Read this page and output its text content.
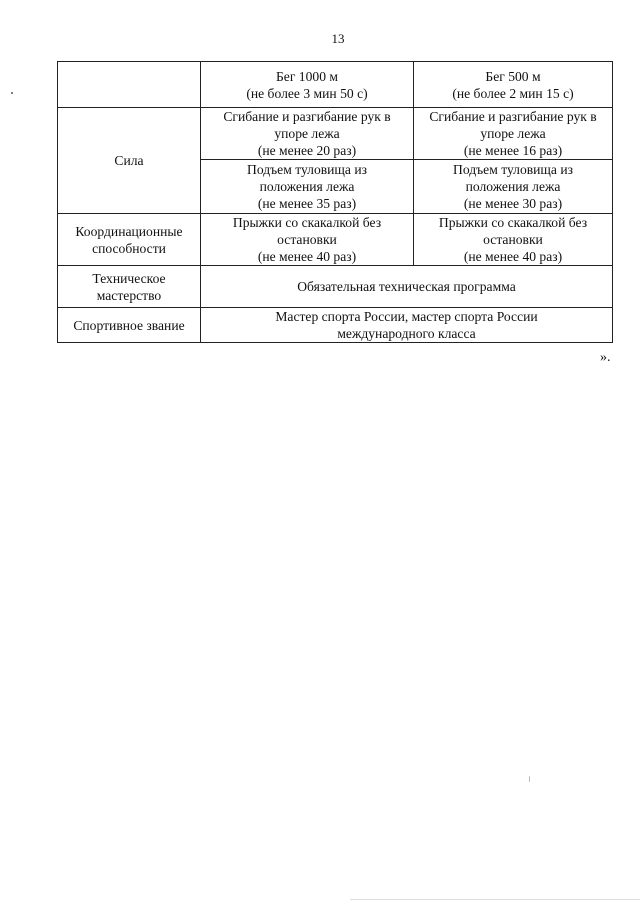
13
	Бег 1000 м
(не более 3 мин 50 с)	Бег 500 м
(не более 2 мин 15 с)
Сила	Сгибание и разгибание рук в
упоре лежа
(не менее 20 раз)	Сгибание и разгибание рук в
упоре лежа
(не менее 16 раз)
	Подъем туловища из
положения лежа
(не менее 35 раз)	Подъем туловища из
положения лежа
(не менее 30 раз)
Координационные
способности	Прыжки со скакалкой без
остановки
(не менее 40 раз)	Прыжки со скакалкой без
остановки
(не менее 40 раз)
Техническое
мастерство	Обязательная техническая программа	
Спортивное звание	Мастер спорта России, мастер спорта России
международного класса	
».
